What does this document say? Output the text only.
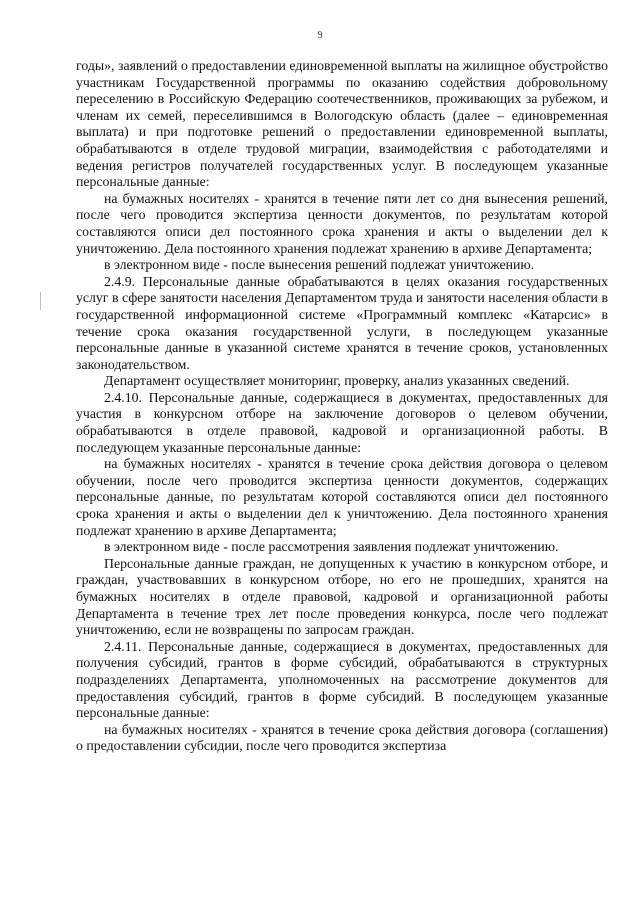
9

годы», заявлений о предоставлении единовременной выплаты на жилищное обустройство участникам Государственной программы по оказанию содействия добровольному переселению в Российскую Федерацию соотечественников, проживающих за рубежом, и членам их семей, переселившимся в Вологодскую область (далее – единовременная выплата) и при подготовке решений о предоставлении единовременной выплаты, обрабатываются в отделе трудовой миграции, взаимодействия с работодателями и ведения регистров получателей государственных услуг. В последующем указанные персональные данные:

на бумажных носителях - хранятся в течение пяти лет со дня вынесения решений, после чего проводится экспертиза ценности документов, по результатам которой составляются описи дел постоянного срока хранения и акты о выделении дел к уничтожению. Дела постоянного хранения подлежат хранению в архиве Департамента;

в электронном виде - после вынесения решений подлежат уничтожению.

2.4.9. Персональные данные обрабатываются в целях оказания государственных услуг в сфере занятости населения Департаментом труда и занятости населения области в государственной информационной системе «Программный комплекс «Катарсис» в течение срока оказания государственной услуги, в последующем указанные персональные данные в указанной системе хранятся в течение сроков, установленных законодательством.

Департамент осуществляет мониторинг, проверку, анализ указанных сведений.

2.4.10. Персональные данные, содержащиеся в документах, предоставленных для участия в конкурсном отборе на заключение договоров о целевом обучении, обрабатываются в отделе правовой, кадровой и организационной работы. В последующем указанные персональные данные:

на бумажных носителях - хранятся в течение срока действия договора о целевом обучении, после чего проводится экспертиза ценности документов, содержащих персональные данные, по результатам которой составляются описи дел постоянного срока хранения и акты о выделении дел к уничтожению. Дела постоянного хранения подлежат хранению в архиве Департамента;

в электронном виде - после рассмотрения заявления подлежат уничтожению.

Персональные данные граждан, не допущенных к участию в конкурсном отборе, и граждан, участвовавших в конкурсном отборе, но его не прошедших, хранятся на бумажных носителях в отделе правовой, кадровой и организационной работы Департамента в течение трех лет после проведения конкурса, после чего подлежат уничтожению, если не возвращены по запросам граждан.

2.4.11. Персональные данные, содержащиеся в документах, предоставленных для получения субсидий, грантов в форме субсидий, обрабатываются в структурных подразделениях Департамента, уполномоченных на рассмотрение документов для предоставления субсидий, грантов в форме субсидий. В последующем указанные персональные данные:

на бумажных носителях - хранятся в течение срока действия договора (соглашения) о предоставлении субсидии, после чего проводится экспертиза
